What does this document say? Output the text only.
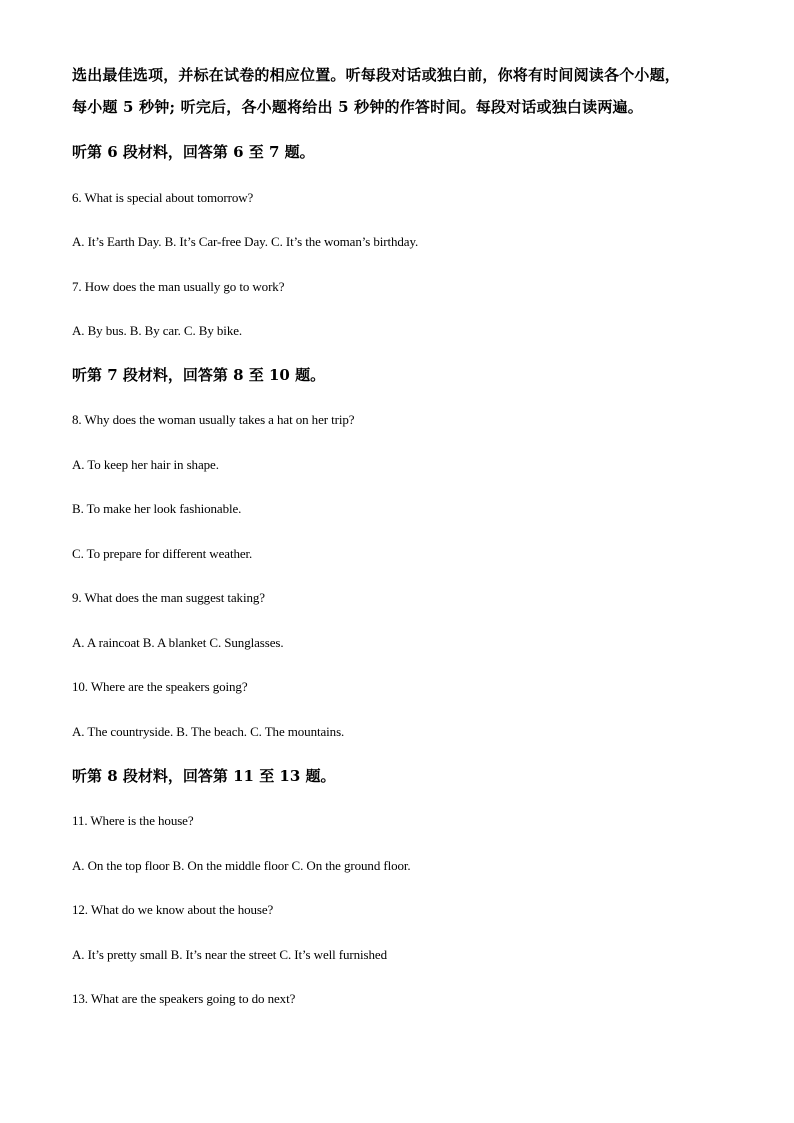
选出最佳选项，并标在试卷的相应位置。听每段对话或独白前，你将有时间阅读各个小题，
每小题 5 秒钟; 听完后，各小题将给出 5 秒钟的作答时间。每段对话或独白读两遍。
听第 6 段材料，回答第 6 至 7 题。
6. What is special about tomorrow?
A. It’s Earth Day. B. It’s Car-free Day. C. It’s the woman’s birthday.
7. How does the man usually go to work?
A. By bus. B. By car. C. By bike.
听第 7 段材料，回答第 8 至 10 题。
8. Why does the woman usually takes a hat on her trip?
A. To keep her hair in shape.
B. To make her look fashionable.
C. To prepare for different weather.
9. What does the man suggest taking?
A. A raincoat B. A blanket C. Sunglasses.
10. Where are the speakers going?
A. The countryside. B. The beach. C. The mountains.
听第 8 段材料，回答第 11 至 13 题。
11. Where is the house?
A. On the top floor B. On the middle floor C. On the ground floor.
12. What do we know about the house?
A. It’s pretty small B. It’s near the street C. It’s well furnished
13. What are the speakers going to do next?
